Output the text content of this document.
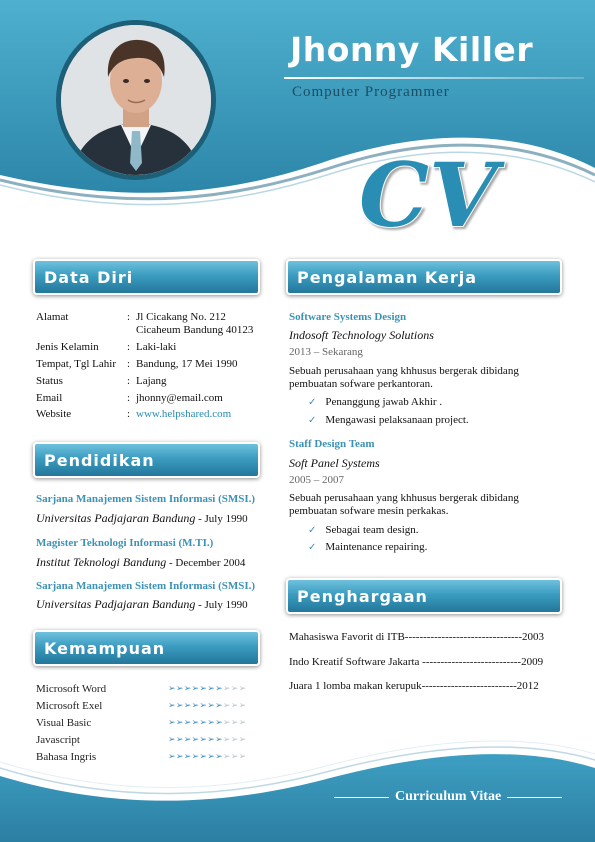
Jhonny Killer
Computer Programmer
CV
Data Diri
Pendidikan
Kemampuan
Pengalaman Kerja
Penghargaan
Alamat	: Jl Cicakang No. 212
Cicaheum Bandung 40123
Jenis Kelamin	: Laki-laki
Tempat, Tgl Lahir : Bandung, 17 Mei 1990
Status	: Lajang
Email	: jhonny@email.com
Website	: www.helpshared.com
Sarjana Manajemen Sistem Informasi (SMSI.)
Universitas Padjajaran Bandung - July 1990
Magister Teknologi Informasi (M.TI.)
Institut Teknologi Bandung - December 2004
Sarjana Manajemen Sistem Informasi (SMSI.)
Universitas Padjajaran Bandung - July 1990
Microsoft Word	➢➢➢➢➢➢➢➢➢➢
Microsoft Exel	➢➢➢➢➢➢➢➢➢➢
Visual Basic	➢➢➢➢➢➢➢➢➢➢
Javascript	➢➢➢➢➢➢➢➢➢➢
Bahasa Ingris	➢➢➢➢➢➢➢➢➢➢
Software Systems Design
Indosoft Technology Solutions
2013 – Sekarang
Sebuah perusahaan yang khhusus bergerak dibidang pembuatan sofware perkantoran.
✓ Penanggung jawab Akhir .
✓ Mengawasi pelaksanaan project.
Staff Design Team
Soft Panel Systems
2005 – 2007
Sebuah perusahaan yang khhusus bergerak dibidang pembuatan sofware mesin perkakas.
✓ Sebagai team design.
✓ Maintenance repairing.
Mahasiswa Favorit di ITB--------------------------------2003
Indo Kreatif Software Jakarta ---------------------------2009
Juara 1 lomba makan kerupuk--------------------------2012
Curriculum Vitae
